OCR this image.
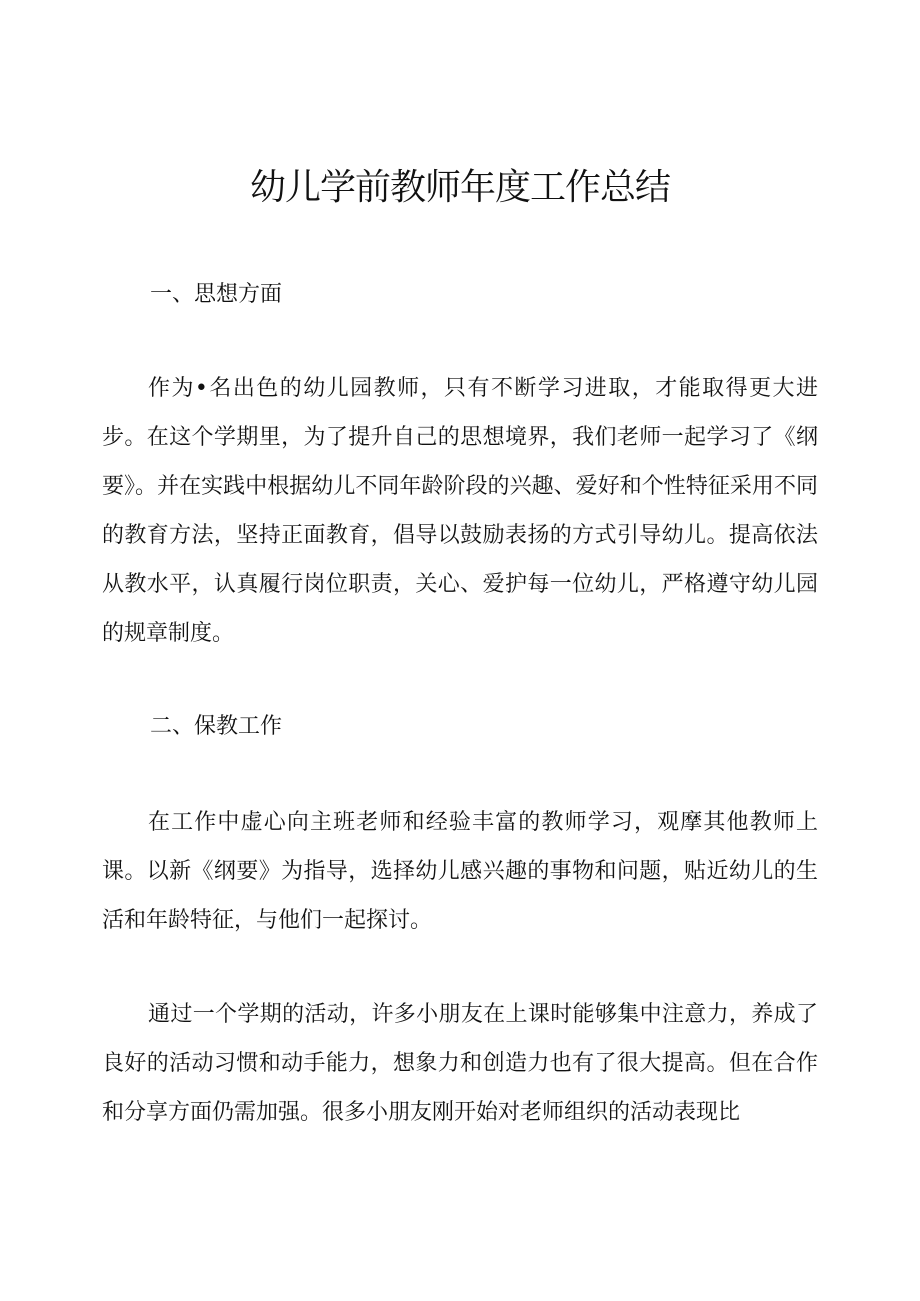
幼儿学前教师年度工作总结
一、思想方面

作为•名出色的幼儿园教师，只有不断学习进取，才能取得更大进步。在这个学期里，为了提升自己的思想境界，我们老师一起学习了《纲要》。并在实践中根据幼儿不同年龄阶段的兴趣、爱好和个性特征采用不同的教育方法，坚持正面教育，倡导以鼓励表扬的方式引导幼儿。提高依法从教水平，认真履行岗位职责，关心、爱护每一位幼儿，严格遵守幼儿园的规章制度。

二、保教工作

在工作中虚心向主班老师和经验丰富的教师学习，观摩其他教师上课。以新《纲要》为指导，选择幼儿感兴趣的事物和问题，贴近幼儿的生活和年龄特征，与他们一起探讨。

通过一个学期的活动，许多小朋友在上课时能够集中注意力，养成了良好的活动习惯和动手能力，想象力和创造力也有了很大提高。但在合作和分享方面仍需加强。很多小朋友刚开始对老师组织的活动表现比
